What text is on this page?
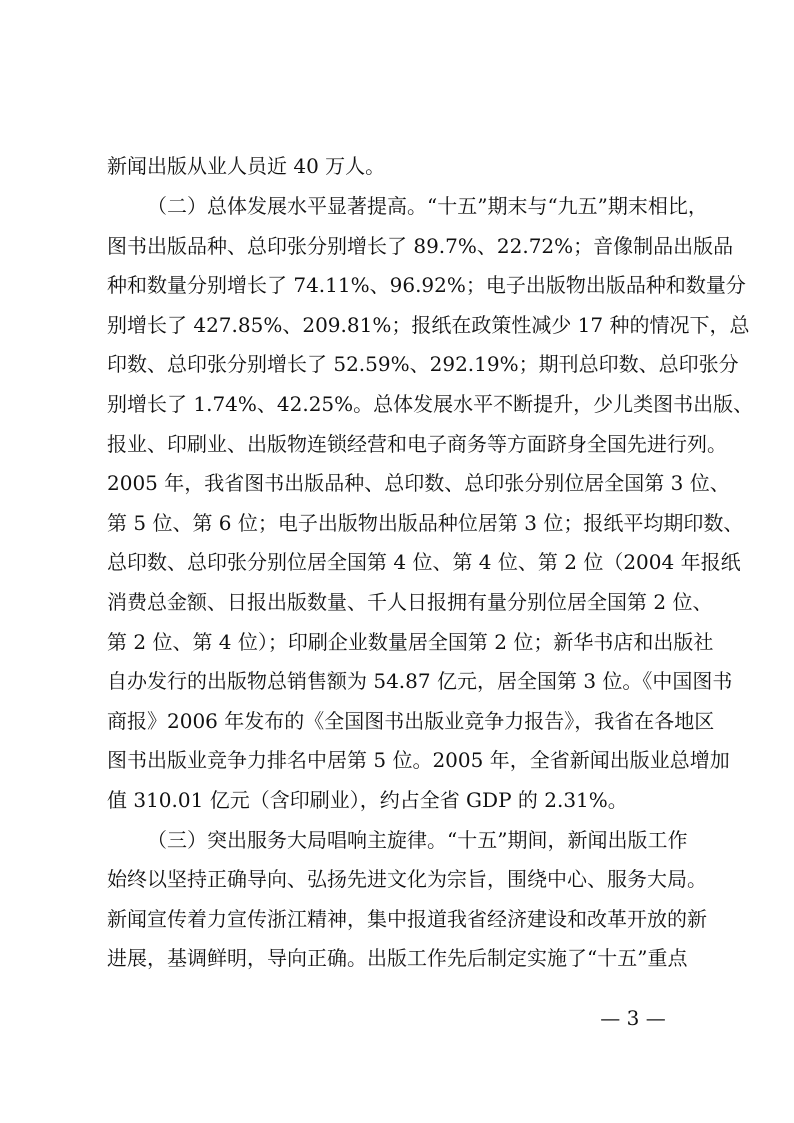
新闻出版从业人员近 40 万人。
（二）总体发展水平显著提高。“十五”期末与“九五”期末相比，
图书出版品种、总印张分别增长了 89.7%、22.72%；音像制品出版品
种和数量分别增长了 74.11%、96.92%；电子出版物出版品种和数量分
别增长了 427.85%、209.81%；报纸在政策性减少 17 种的情况下，总
印数、总印张分别增长了 52.59%、292.19%；期刊总印数、总印张分
别增长了 1.74%、42.25%。总体发展水平不断提升，少儿类图书出版、
报业、印刷业、出版物连锁经营和电子商务等方面跻身全国先进行列。
2005 年，我省图书出版品种、总印数、总印张分别位居全国第 3 位、
第 5 位、第 6 位；电子出版物出版品种位居第 3 位；报纸平均期印数、
总印数、总印张分别位居全国第 4 位、第 4 位、第 2 位（2004 年报纸
消费总金额、日报出版数量、千人日报拥有量分别位居全国第 2 位、
第 2 位、第 4 位）；印刷企业数量居全国第 2 位；新华书店和出版社
自办发行的出版物总销售额为 54.87 亿元，居全国第 3 位。《中国图书
商报》2006 年发布的《全国图书出版业竞争力报告》，我省在各地区
图书出版业竞争力排名中居第 5 位。2005 年，全省新闻出版业总增加
值 310.01 亿元（含印刷业），约占全省 GDP 的 2.31%。
（三）突出服务大局唱响主旋律。“十五”期间，新闻出版工作
始终以坚持正确导向、弘扬先进文化为宗旨，围绕中心、服务大局。
新闻宣传着力宣传浙江精神，集中报道我省经济建设和改革开放的新
进展，基调鲜明，导向正确。出版工作先后制定实施了“十五”重点
— 3 —
